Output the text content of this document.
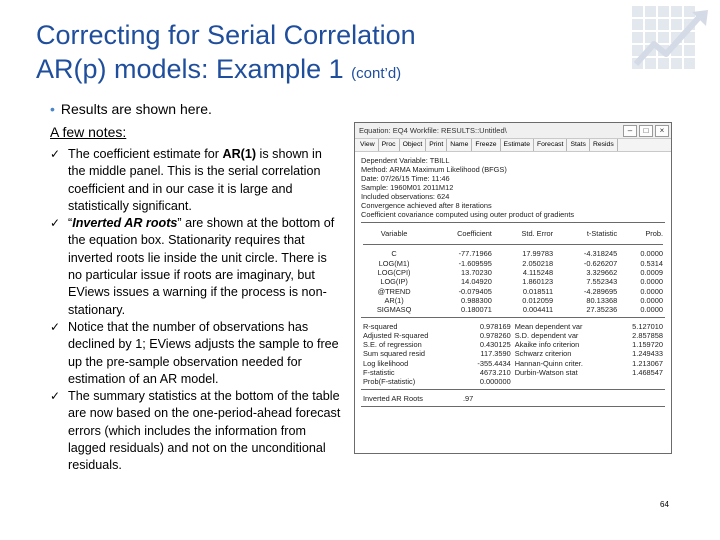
Correcting for Serial Correlation
AR(p) models: Example 1 (cont’d)
• Results are shown here.
A few notes:
✓ The coefficient estimate for AR(1) is shown in the middle panel. This is the serial correlation coefficient and in our case it is large and statistically significant.
✓ “Inverted AR roots” are shown at the bottom of the equation box. Stationarity requires that inverted roots lie inside the unit circle. There is no particular issue if roots are imaginary, but EViews issues a warning if the process is non-stationary.
✓ Notice that the number of observations has declined by 1; EViews adjusts the sample to free up the pre-sample observation needed for estimation of an AR model.
✓ The summary statistics at the bottom of the table are now based on the one-period-ahead forecast errors (which includes the information from lagged residuals) and not on the unconditional residuals.
Equation: EQ4 Workfile: RESULTS::Untitled\	–	□	×
View	Proc	Object	Print	Name	Freeze	Estimate	Forecast	Stats	Resids
Dependent Variable: TBILL
Method: ARMA Maximum Likelihood (BFGS)
Date: 07/26/15 Time: 11:46
Sample: 1960M01 2011M12
Included observations: 624
Convergence achieved after 8 iterations
Coefficient covariance computed using outer product of gradients
Variable	Coefficient	Std. Error	t-Statistic	Prob.

C	-77.71966	17.99783	-4.318245	0.0000
LOG(M1)	-1.609595	2.050218	-0.626207	0.5314
LOG(CPI)	13.70230	4.115248	3.329662	0.0009
LOG(IP)	14.04920	1.860123	7.552343	0.0000
@TREND	-0.079405	0.018511	-4.289695	0.0000
AR(1)	0.988300	0.012059	80.13368	0.0000
SIGMASQ	0.180071	0.004411	27.35236	0.0000
R-squared	0.978169	Mean dependent var	5.127010
Adjusted R-squared	0.978260	S.D. dependent var	2.857858
S.E. of regression	0.430125	Akaike info criterion	1.159720
Sum squared resid	117.3590	Schwarz criterion	1.249433
Log likelihood	-355.4434	Hannan-Quinn criter.	1.213067
F-statistic	4673.210	Durbin-Watson stat	1.468547
Prob(F-statistic)	0.000000		
Inverted AR Roots	.97
64
